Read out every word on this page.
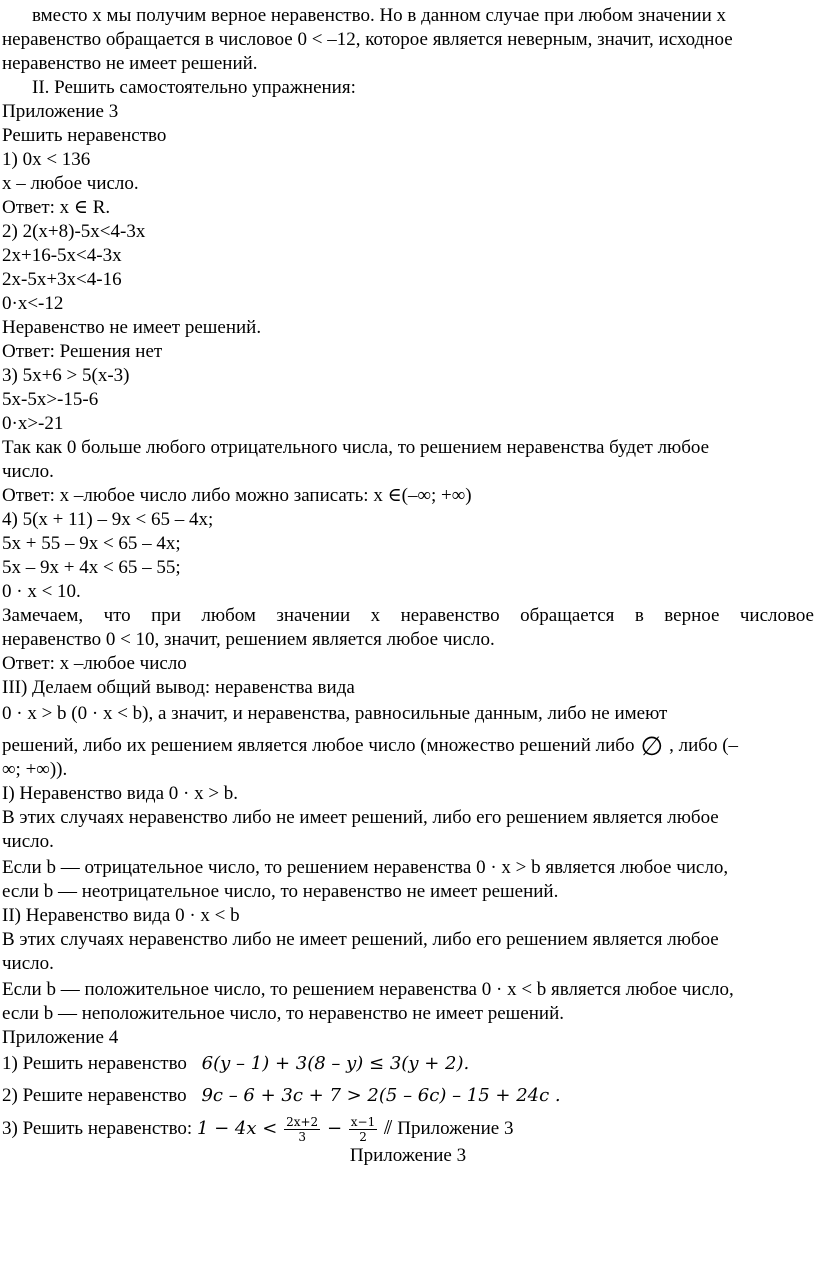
вместо x мы получим верное неравенство. Но в данном случае при любом значении x
неравенство обращается в числовое 0 < –12, которое является неверным, значит, исходное
неравенство не имеет решений.
II. Решить самостоятельно упражнения:
Приложение 3
Решить неравенство
1) 0x < 136
x – любое число.
Ответ: x ∈ R.
2) 2(x+8)-5x<4-3x
2x+16-5x<4-3x
2x-5x+3x<4-16
0·x<-12
Неравенство не имеет решений.
Ответ: Решения нет
3) 5x+6 > 5(x-3)
5x-5x>-15-6
0·x>-21
Так как 0 больше любого отрицательного числа, то решением неравенства будет любое
число.
Ответ: x –любое число либо можно записать: x ∈(–∞; +∞)
4) 5(x + 11) – 9x < 65 – 4x;
5x + 55 – 9x < 65 – 4x;
5x – 9x + 4x < 65 – 55;
0 · x < 10.
Замечаем, что при любом значении x неравенство обращается в верное числовое
неравенство 0 < 10, значит, решением является любое число.
Ответ: x –любое число
III) Делаем общий вывод: неравенства вида
0 · x > b (0 · x < b), а значит, и неравенства, равносильные данным, либо не имеют
решений, либо их решением является любое число (множество решений либо ∅ , либо (–
∞; +∞)).
I) Неравенство вида 0 · x > b.
В этих случаях неравенство либо не имеет решений, либо его решением является любое
число.
Если b — отрицательное число, то решением неравенства 0 · x > b является любое число,
если b — неотрицательное число, то неравенство не имеет решений.
II) Неравенство вида 0 · x < b
В этих случаях неравенство либо не имеет решений, либо его решением является любое
число.
Если b — положительное число, то решением неравенства 0 · x < b является любое число,
если b — неположительное число, то неравенство не имеет решений.
Приложение 4
1) Решить неравенство 6(y – 1) + 3(8 – y) ≤ 3(y + 2).
2) Решите неравенство 9c – 6 + 3c + 7 > 2(5 – 6c) – 15 + 24c .
3) Решить неравенство: $1 - 4x < \frac{2x+2}{3} - \frac{x-1}{2}$ ⫽ Приложение 3
Приложение 3
